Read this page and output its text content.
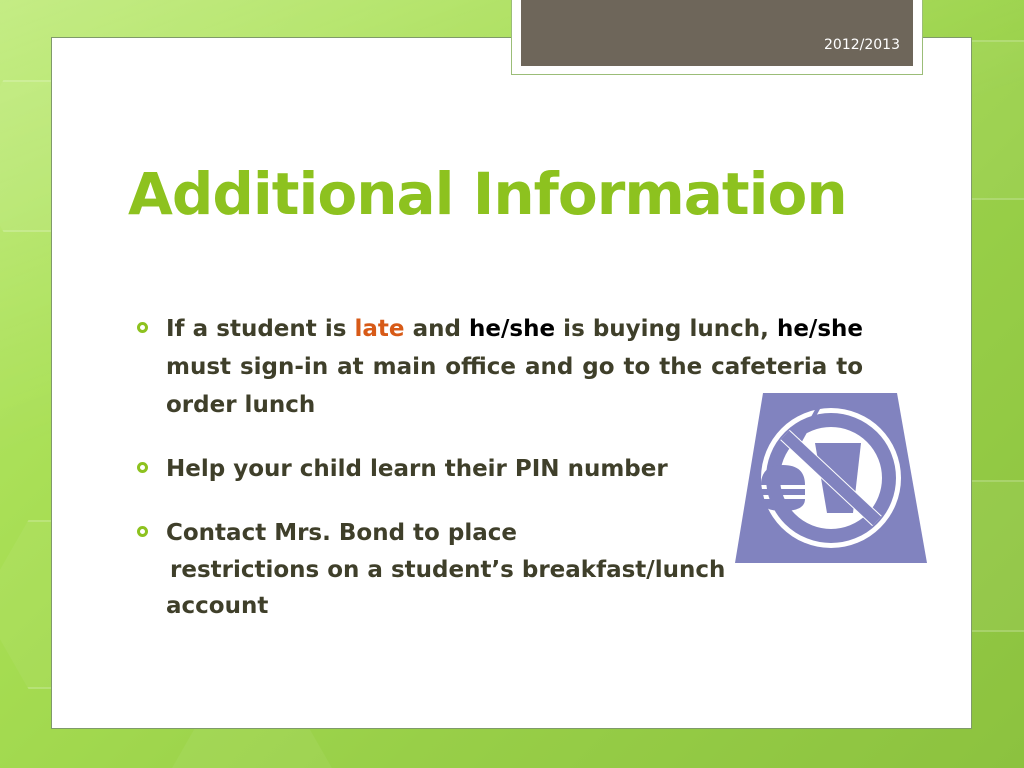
2012/2013
Additional Information
If a student is late and he/she is buying lunch, he/she must sign-in at main office and go to the cafeteria to order lunch
Help your child learn their PIN number
Contact Mrs. Bond to place
restrictions on a student’s breakfast/lunch
account
